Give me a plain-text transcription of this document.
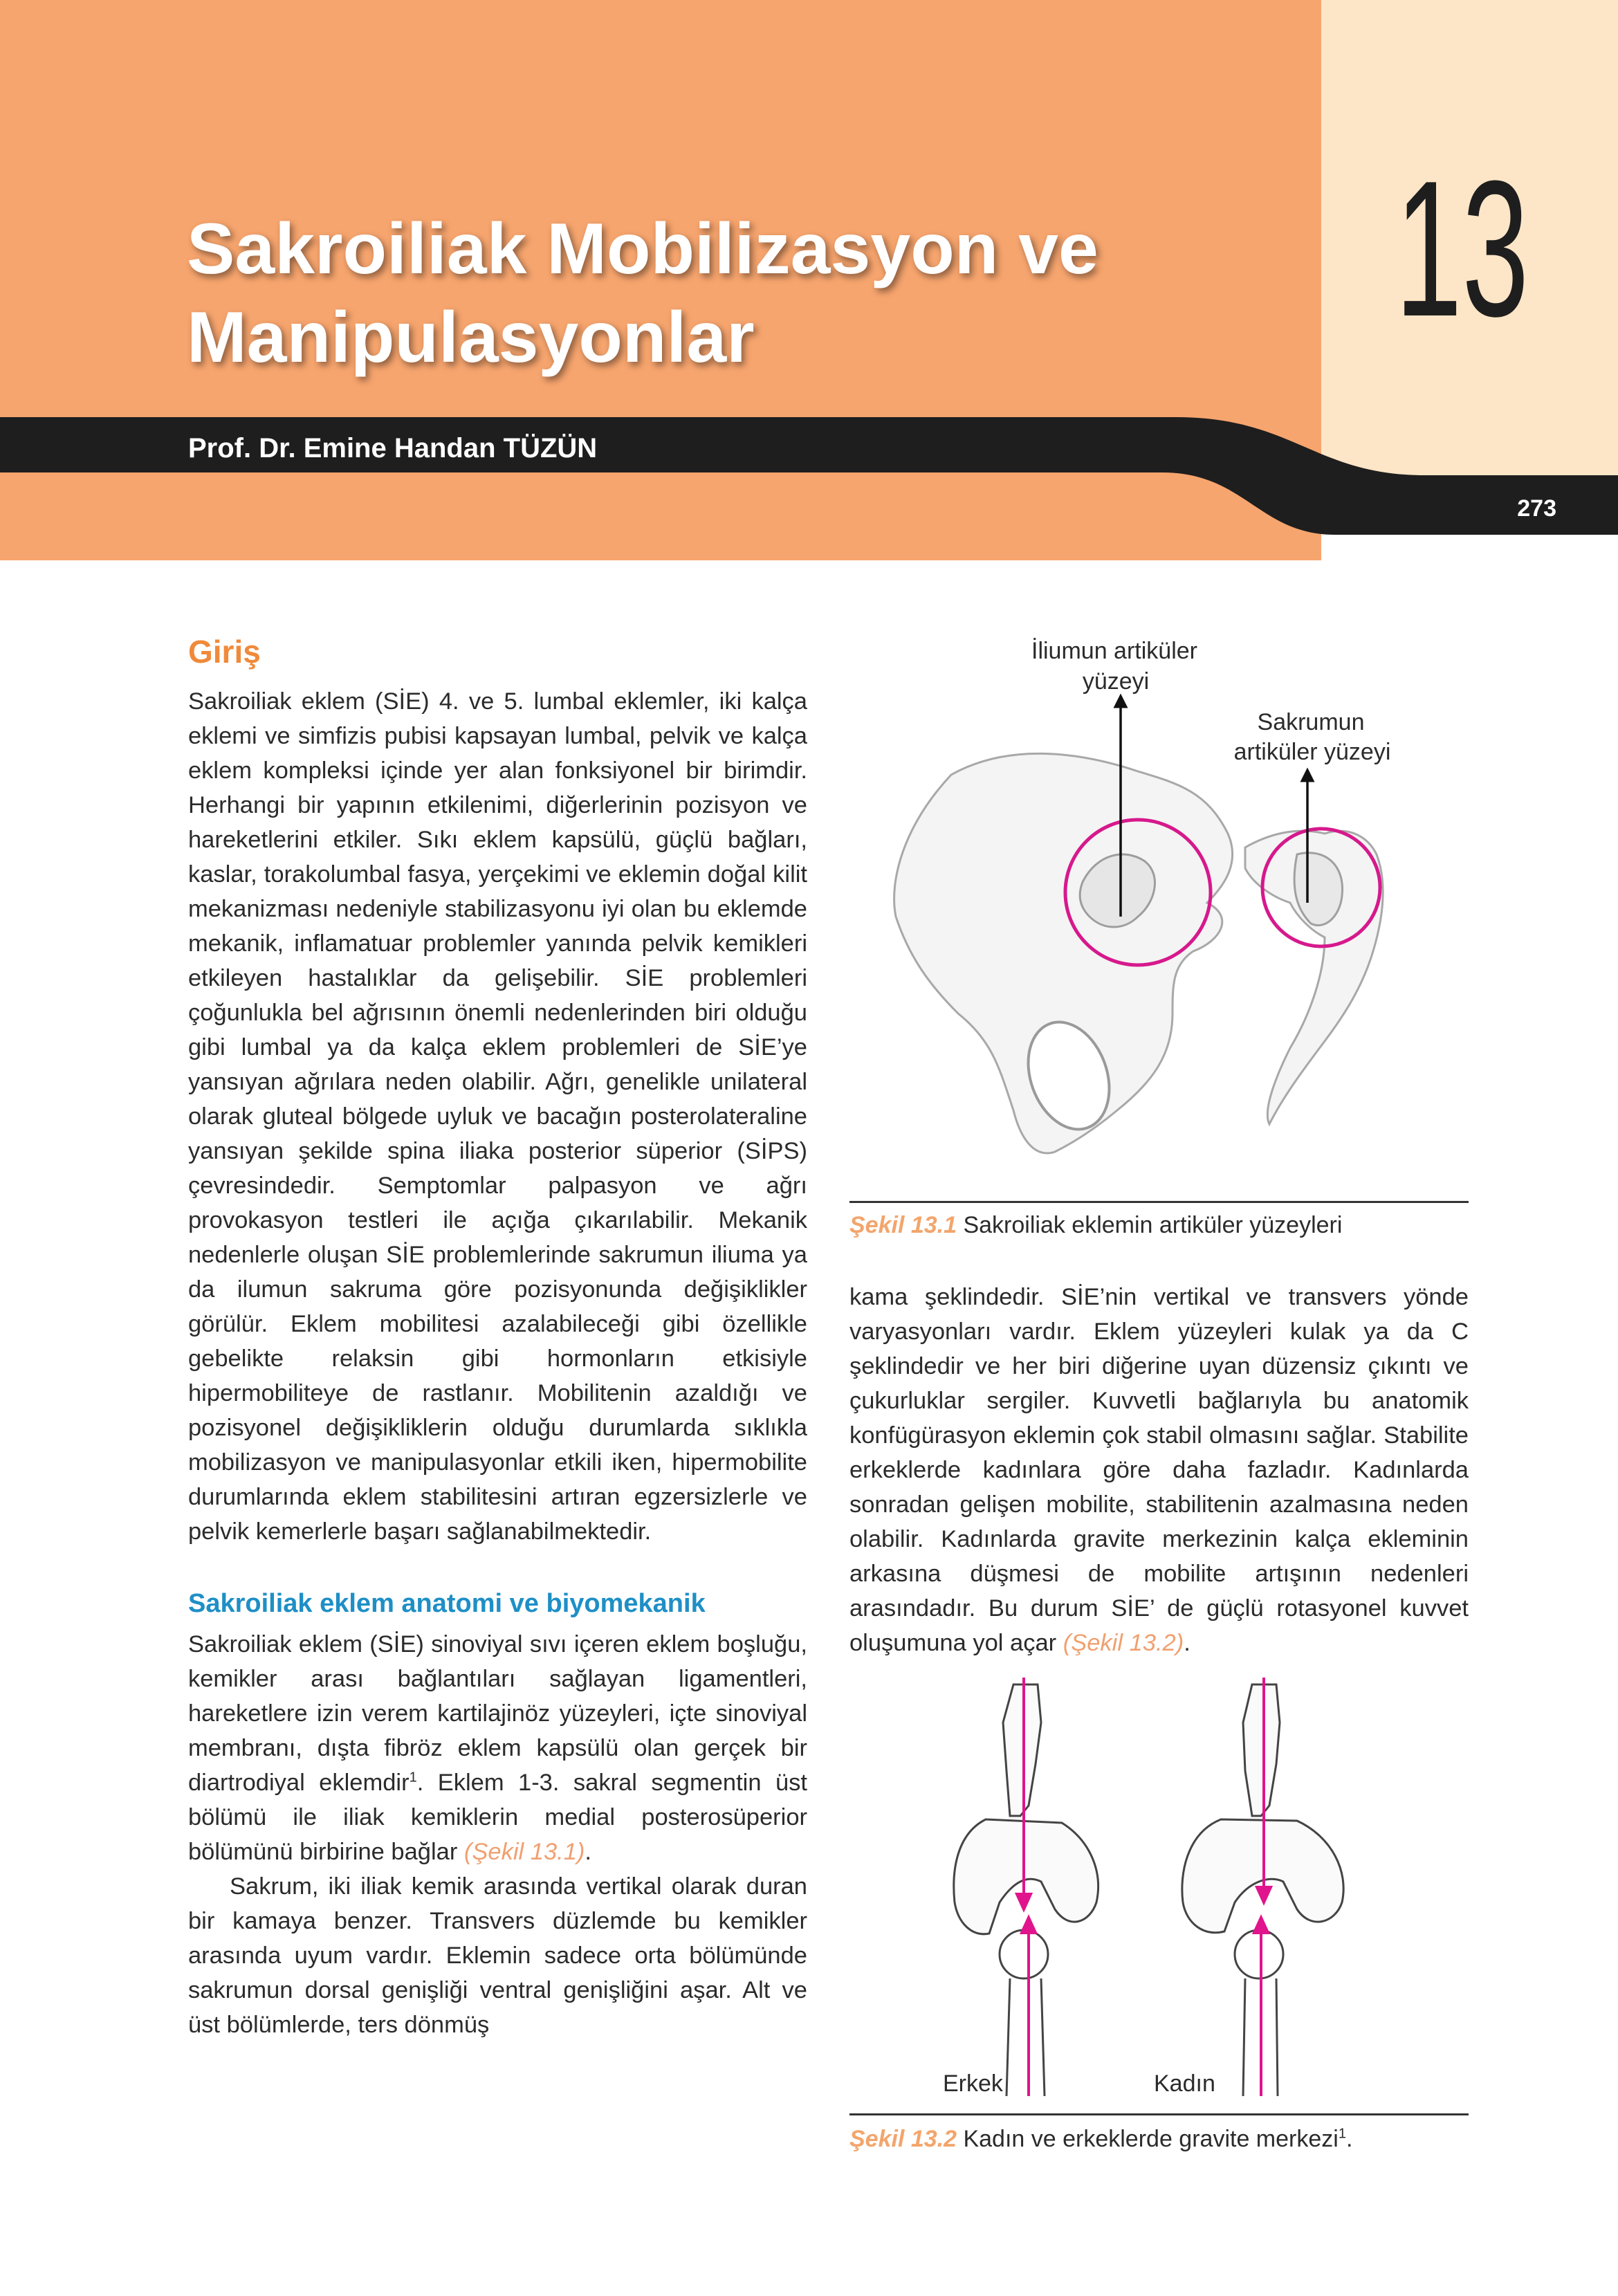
Sakroiliak Mobilizasyon ve
Manipulasyonlar	13
Prof. Dr. Emine Handan TÜZÜN
273
Giriş

Sakroiliak eklem (SİE) 4. ve 5. lumbal eklemler, iki kalça eklemi ve simfizis pubisi kapsayan lumbal, pelvik ve kalça eklem kompleksi içinde yer alan fonksiyonel bir birimdir. Herhangi bir yapının etkilenimi, diğerlerinin pozisyon ve hareketlerini etkiler. Sıkı eklem kapsülü, güçlü bağları, kaslar, torakolumbal fasya, yerçekimi ve eklemin doğal kilit mekanizması nedeniyle stabilizasyonu iyi olan bu eklemde mekanik, inflamatuar problemler yanında pelvik kemikleri etkileyen hastalıklar da gelişebilir. SİE problemleri çoğunlukla bel ağrısının önemli nedenlerinden biri olduğu gibi lumbal ya da kalça eklem problemleri de SİE’ye yansıyan ağrılara neden olabilir. Ağrı, genelikle unilateral olarak gluteal bölgede uyluk ve bacağın posterolateraline yansıyan şekilde spina iliaka posterior süperior (SİPS) çevresindedir. Semptomlar palpasyon ve ağrı provokasyon testleri ile açığa çıkarılabilir. Mekanik nedenlerle oluşan SİE problemlerinde sakrumun iliuma ya da ilumun sakruma göre pozisyonunda değişiklikler görülür. Eklem mobilitesi azalabileceği gibi özellikle gebelikte relaksin gibi hormonların etkisiyle hipermobiliteye de rastlanır. Mobilitenin azaldığı ve pozisyonel değişikliklerin olduğu durumlarda sıklıkla mobilizasyon ve manipulasyonlar etkili iken, hipermobilite durumlarında eklem stabilitesini artıran egzersizlerle ve pelvik kemerlerle başarı sağlanabilmektedir.

Sakroiliak eklem anatomi ve biyomekanik

Sakroiliak eklem (SİE) sinoviyal sıvı içeren eklem boşluğu, kemikler arası bağlantıları sağlayan ligamentleri, hareketlere izin verem kartilajinöz yüzeyleri, içte sinoviyal membranı, dışta fibröz eklem kapsülü olan gerçek bir diartrodiyal eklemdir$^1$. Eklem 1-3. sakral segmentin üst bölümü ile iliak kemiklerin medial posterosüperior bölümünü birbirine bağlar (Şekil 13.1).

Sakrum, iki iliak kemik arasında vertikal olarak duran bir kamaya benzer. Transvers düzlemde bu kemikler arasında uyum vardır. Eklemin sadece orta bölümünde sakrumun dorsal genişliği ventral genişliğini aşar. Alt ve üst bölümlerde, ters dönmüş

İliumun artiküler
yüzeyi
Sakrumun
artiküler yüzeyi
Şekil 13.1 Sakroiliak eklemin artiküler yüzeyleri

kama şeklindedir. SİE’nin vertikal ve transvers yönde varyasyonları vardır. Eklem yüzeyleri kulak ya da C şeklindedir ve her biri diğerine uyan düzensiz çıkıntı ve çukurluklar sergiler. Kuvvetli bağlarıyla bu anatomik konfügürasyon eklemin çok stabil olmasını sağlar. Stabilite erkeklerde kadınlara göre daha fazladır. Kadınlarda sonradan gelişen mobilite, stabilitenin azalmasına neden olabilir. Kadınlarda gravite merkezinin kalça ekleminin arkasına düşmesi de mobilite artışının nedenleri arasındadır. Bu durum SİE’ de güçlü rotasyonel kuvvet oluşumuna yol açar (Şekil 13.2).

Erkek	Kadın
Şekil 13.2 Kadın ve erkeklerde gravite merkezi$^1$.
